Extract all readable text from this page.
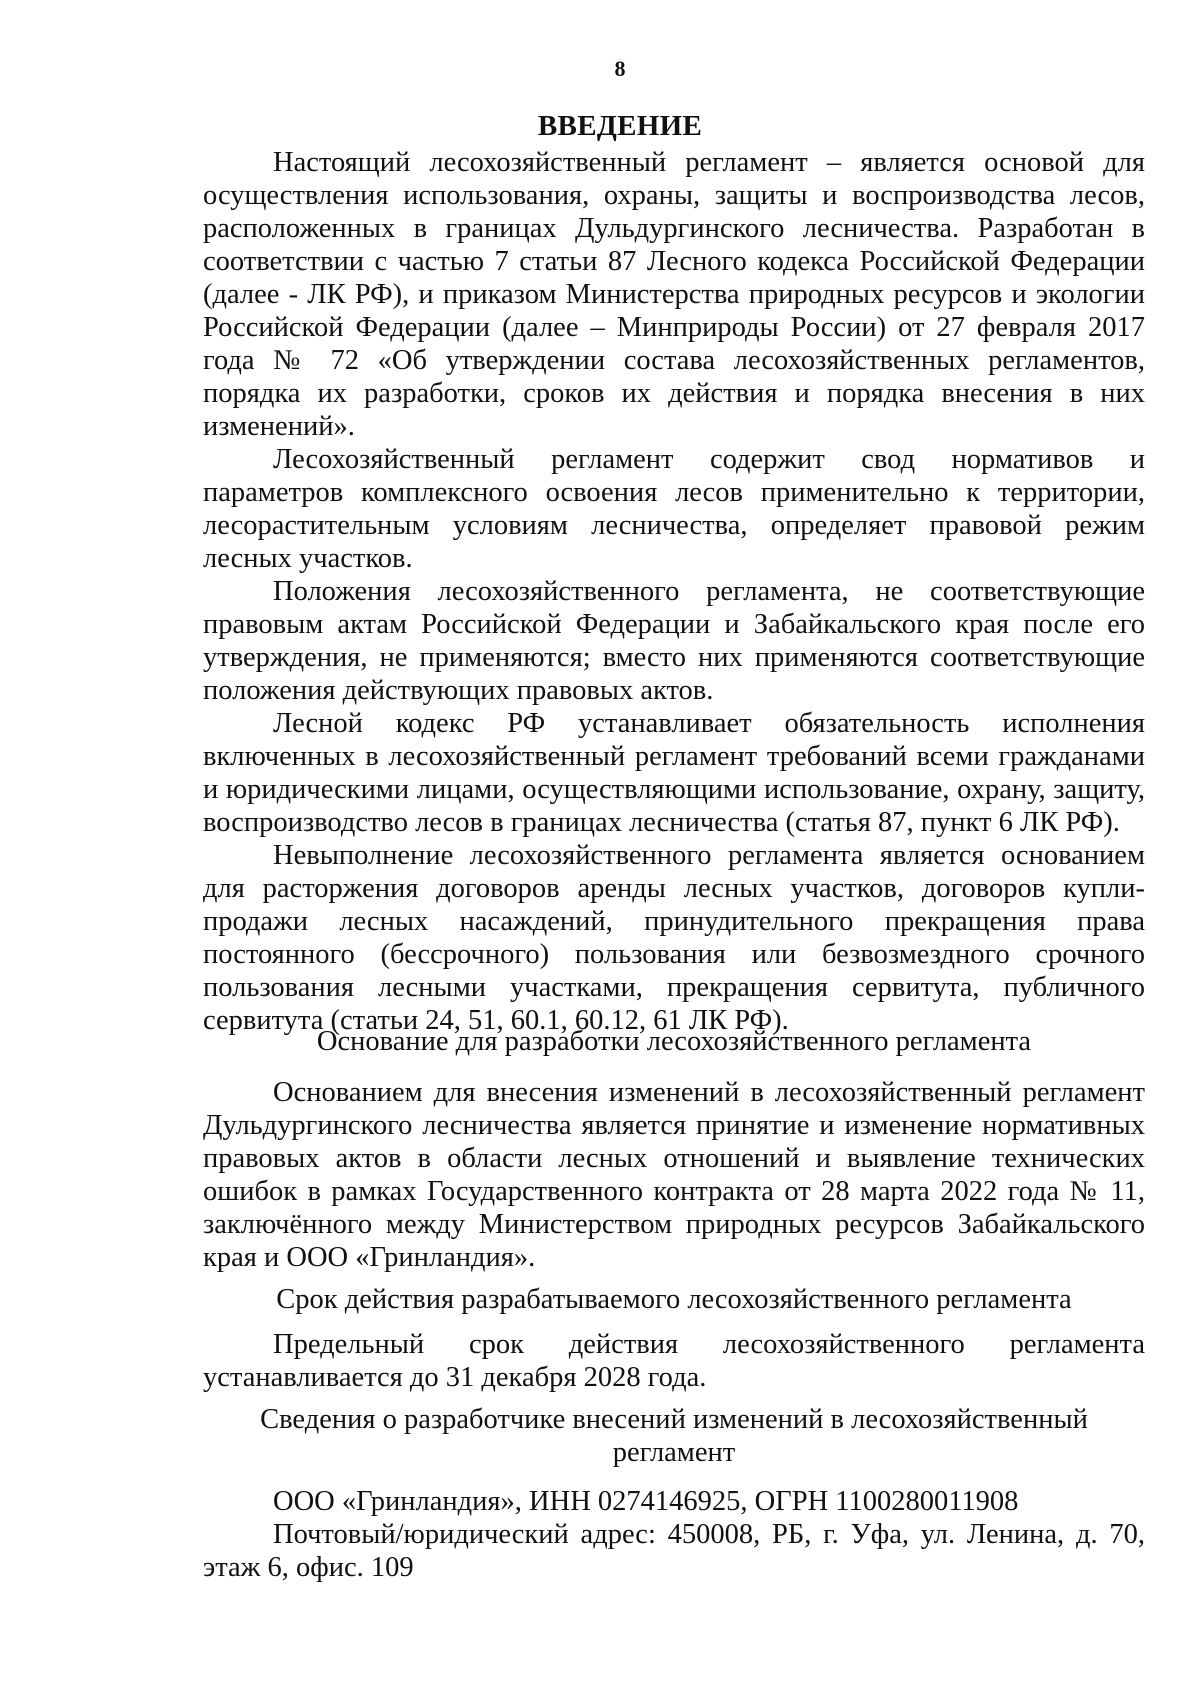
8
ВВЕДЕНИЕ

Настоящий лесохозяйственный регламент – является основой для осуществления использования, охраны, защиты и воспроизводства лесов, расположенных в границах Дульдургинского лесничества. Разработан в соответствии с частью 7 статьи 87 Лесного кодекса Российской Федерации (далее - ЛК РФ), и приказом Министерства природных ресурсов и экологии Российской Федерации (далее – Минприроды России) от 27 февраля 2017 года № 72 «Об утверждении состава лесохозяйственных регламентов, порядка их разработки, сроков их действия и порядка внесения в них изменений».

Лесохозяйственный регламент содержит свод нормативов и параметров комплексного освоения лесов применительно к территории, лесорастительным условиям лесничества, определяет правовой режим лесных участков.

Положения лесохозяйственного регламента, не соответствующие правовым актам Российской Федерации и Забайкальского края после его утверждения, не применяются; вместо них применяются соответствующие положения действующих правовых актов.

Лесной кодекс РФ устанавливает обязательность исполнения включенных в лесохозяйственный регламент требований всеми гражданами и юридическими лицами, осуществляющими использование, охрану, защиту, воспроизводство лесов в границах лесничества (статья 87, пункт 6 ЛК РФ).

Невыполнение лесохозяйственного регламента является основанием для расторжения договоров аренды лесных участков, договоров купли-продажи лесных насаждений, принудительного прекращения права постоянного (бессрочного) пользования или безвозмездного срочного пользования лесными участками, прекращения сервитута, публичного сервитута (статьи 24, 51, 60.1, 60.12, 61 ЛК РФ).

Основание для разработки лесохозяйственного регламента

Основанием для внесения изменений в лесохозяйственный регламент Дульдургинского лесничества является принятие и изменение нормативных правовых актов в области лесных отношений и выявление технических ошибок в рамках Государственного контракта от 28 марта 2022 года № 11, заключённого между Министерством природных ресурсов Забайкальского края и ООО «Гринландия».

Срок действия разрабатываемого лесохозяйственного регламента

Предельный срок действия лесохозяйственного регламента устанавливается до 31 декабря 2028 года.

Сведения о разработчике внесений изменений в лесохозяйственный регламент

ООО «Гринландия», ИНН 0274146925, ОГРН 1100280011908

Почтовый/юридический адрес: 450008, РБ, г. Уфа, ул. Ленина, д. 70, этаж 6, офис. 109
